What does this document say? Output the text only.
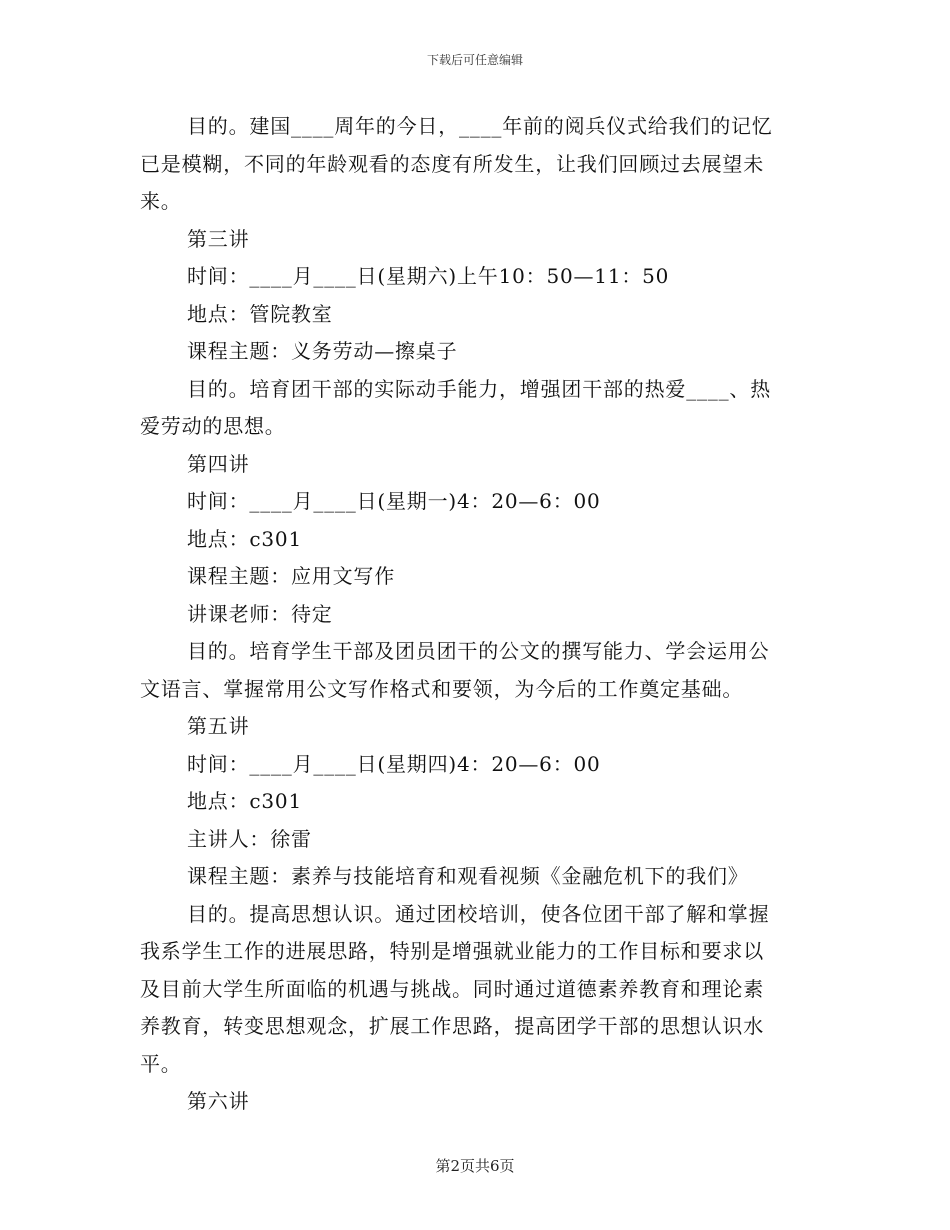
下载后可任意编辑
目的。建国____周年的今日，____年前的阅兵仪式给我们的记忆
已是模糊，不同的年龄观看的态度有所发生，让我们回顾过去展望未
来。
第三讲
时间：____月____日(星期六)上午10：50—11：50
地点：管院教室
课程主题：义务劳动—擦桌子
目的。培育团干部的实际动手能力，增强团干部的热爱____、热
爱劳动的思想。
第四讲
时间：____月____日(星期一)4：20—6：00
地点：c301
课程主题：应用文写作
讲课老师：待定
目的。培育学生干部及团员团干的公文的撰写能力、学会运用公
文语言、掌握常用公文写作格式和要领，为今后的工作奠定基础。
第五讲
时间：____月____日(星期四)4：20—6：00
地点：c301
主讲人：徐雷
课程主题：素养与技能培育和观看视频《金融危机下的我们》
目的。提高思想认识。通过团校培训，使各位团干部了解和掌握
我系学生工作的进展思路，特别是增强就业能力的工作目标和要求以
及目前大学生所面临的机遇与挑战。同时通过道德素养教育和理论素
养教育，转变思想观念，扩展工作思路，提高团学干部的思想认识水
平。
第六讲
第2页共6页
